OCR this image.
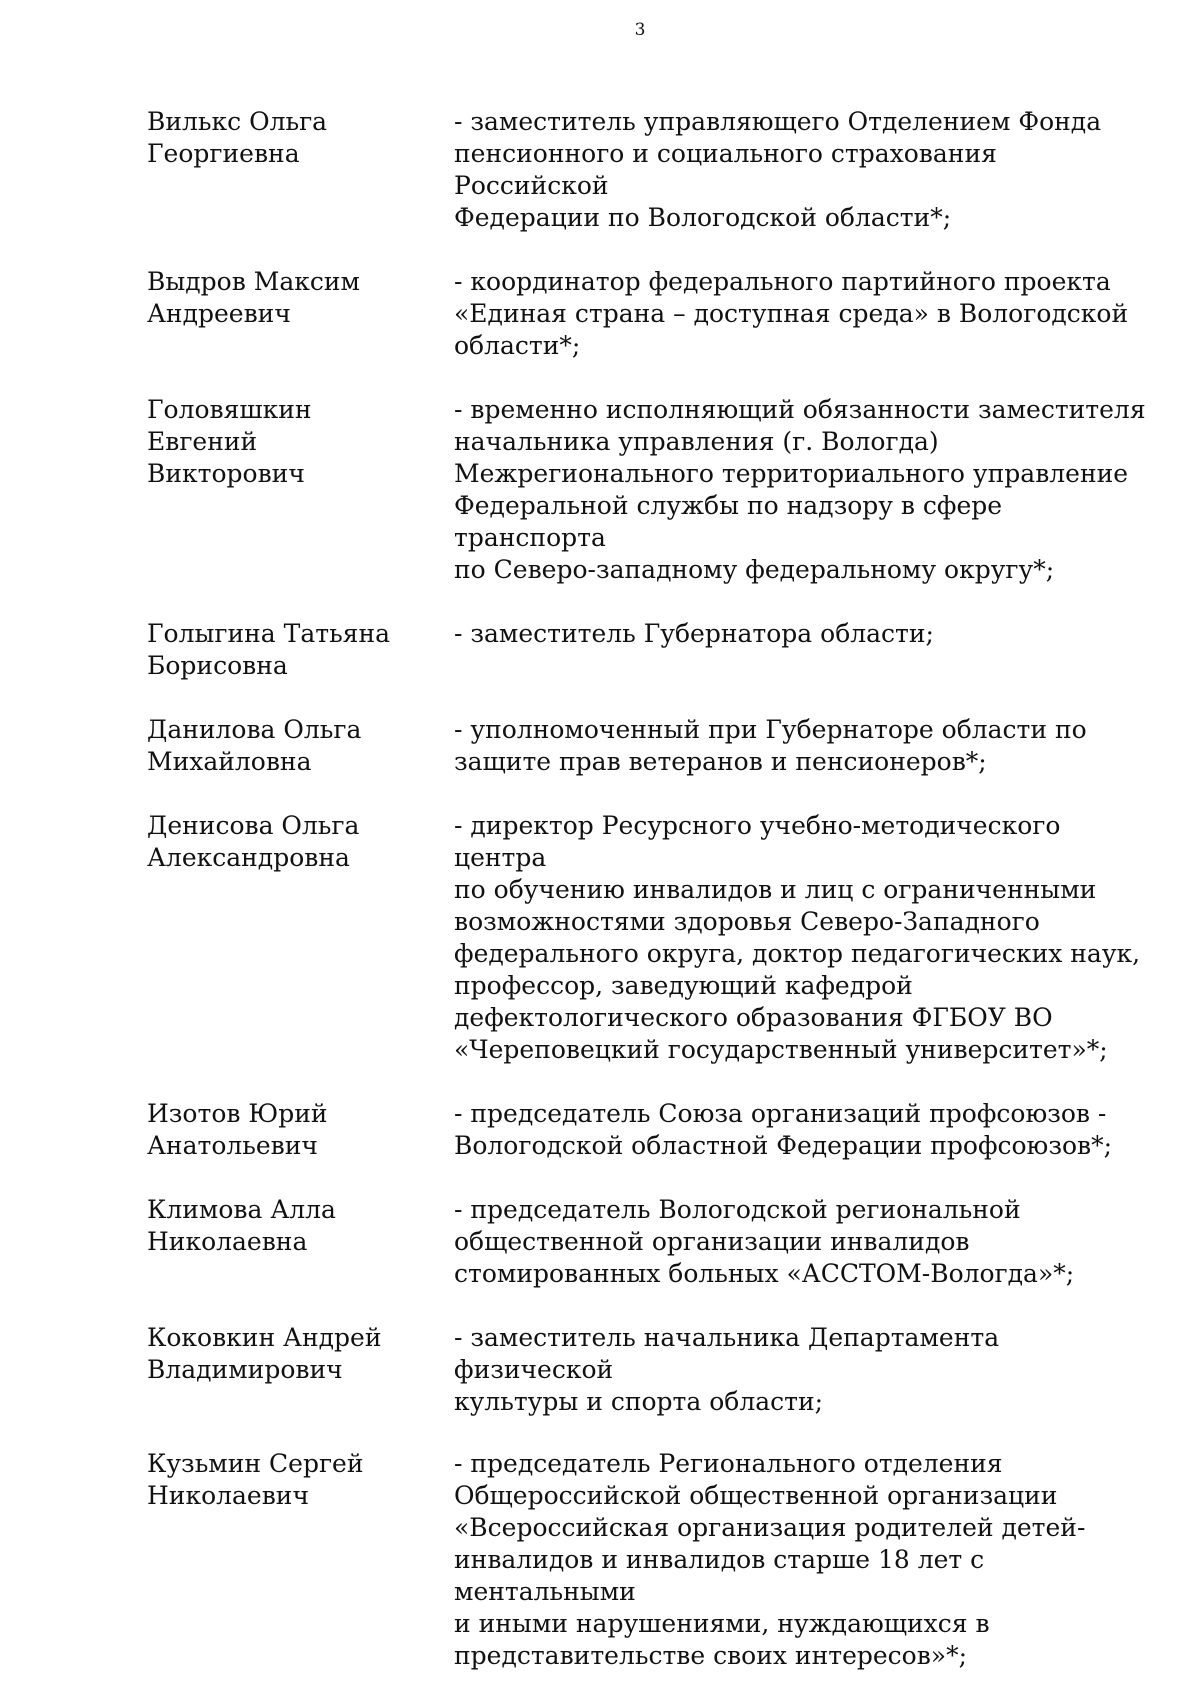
3
Вилькс Ольга
Георгиевна
- заместитель управляющего Отделением Фонда
пенсионного и социального страхования Российской
Федерации по Вологодской области*;
Выдров Максим
Андреевич
- координатор федерального партийного проекта
«Единая страна – доступная среда» в Вологодской
области*;
Головяшкин
Евгений
Викторович
- временно исполняющий обязанности заместителя
начальника управления (г. Вологда)
Межрегионального территориального управление
Федеральной службы по надзору в сфере транспорта
по Северо-западному федеральному округу*;
Голыгина Татьяна
Борисовна
- заместитель Губернатора области;
Данилова Ольга
Михайловна
- уполномоченный при Губернаторе области по
защите прав ветеранов и пенсионеров*;
Денисова Ольга
Александровна
- директор Ресурсного учебно-методического центра
по обучению инвалидов и лиц с ограниченными
возможностями здоровья Северо-Западного
федерального округа, доктор педагогических наук,
профессор, заведующий кафедрой
дефектологического образования ФГБОУ ВО
«Череповецкий государственный университет»*;
Изотов Юрий
Анатольевич
- председатель Союза организаций профсоюзов -
Вологодской областной Федерации профсоюзов*;
Климова Алла
Николаевна
- председатель Вологодской региональной
общественной организации инвалидов
стомированных больных «АССТОМ-Вологда»*;
Коковкин Андрей
Владимирович
- заместитель начальника Департамента физической
культуры и спорта области;
Кузьмин Сергей
Николаевич
- председатель Регионального отделения
Общероссийской общественной организации
«Всероссийская организация родителей детей-
инвалидов и инвалидов старше 18 лет с ментальными
и иными нарушениями, нуждающихся в
представительстве своих интересов»*;
